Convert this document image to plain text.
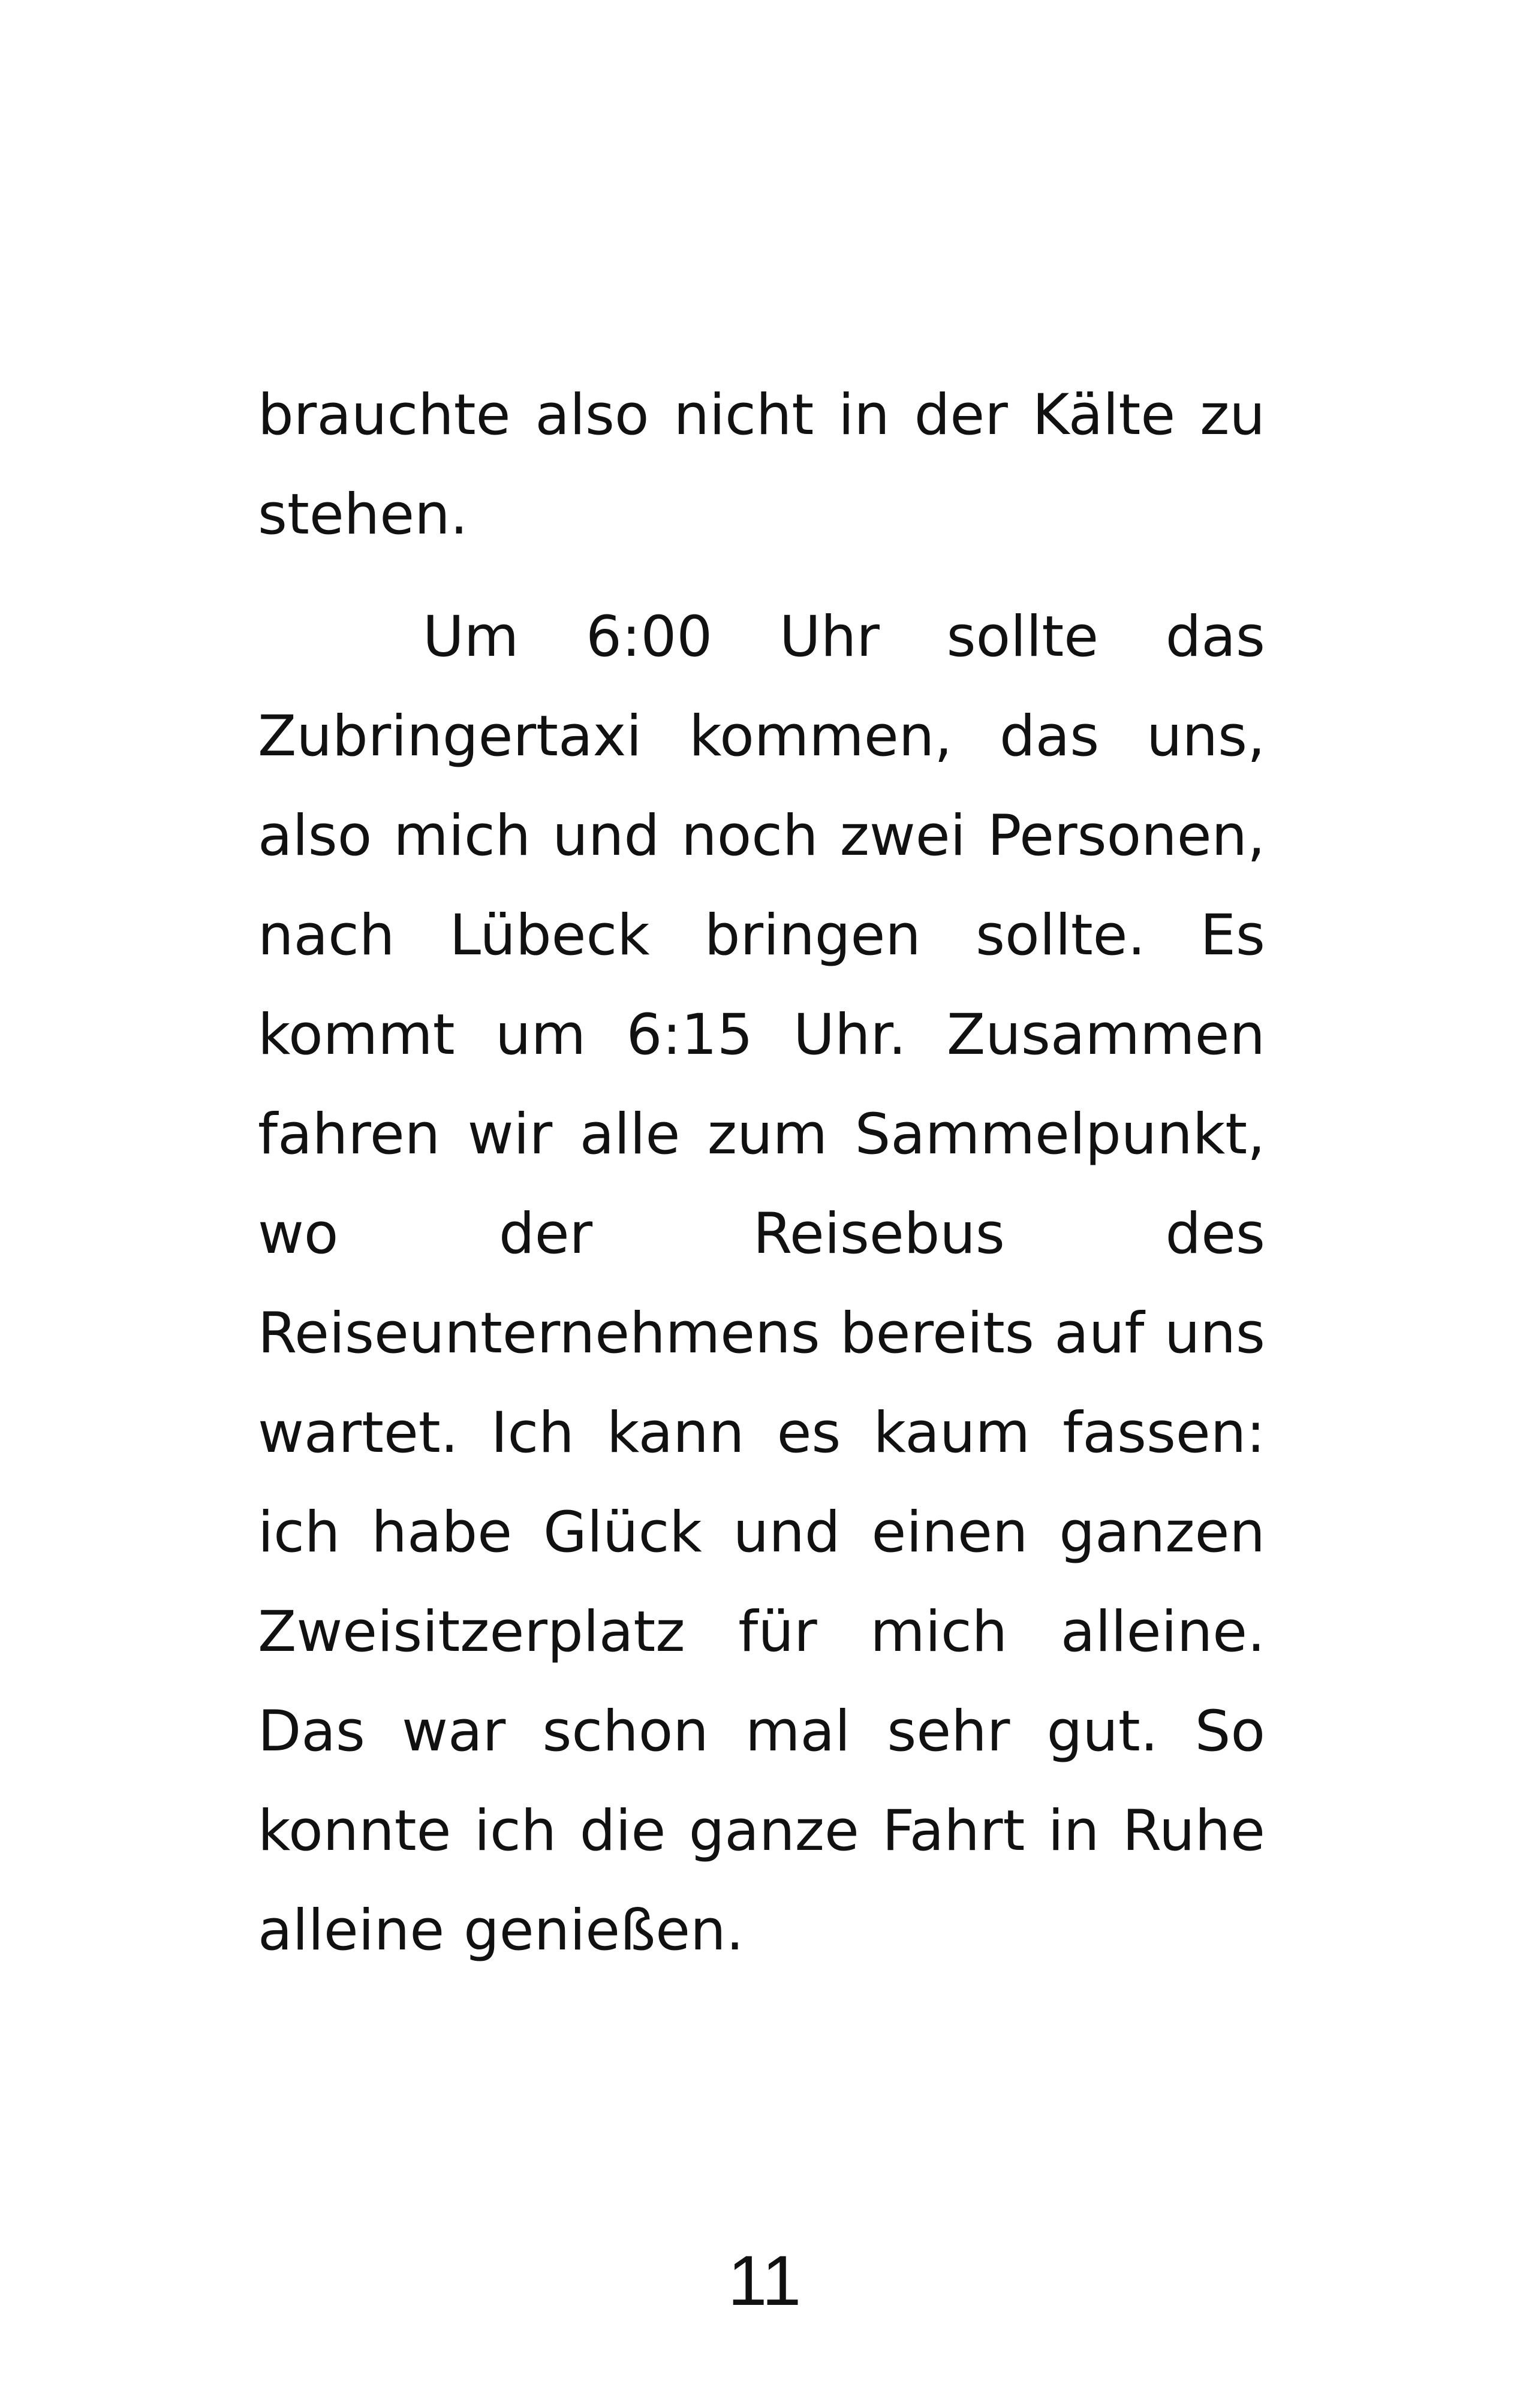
brauchte also nicht in der Kälte zu stehen.

Um 6:00 Uhr sollte das Zubringertaxi kommen, das uns, also mich und noch zwei Personen, nach Lübeck bringen sollte. Es kommt um 6:15 Uhr. Zusammen fahren wir alle zum Sammelpunkt, wo der Reisebus des Reiseunternehmens bereits auf uns wartet. Ich kann es kaum fassen: ich habe Glück und einen ganzen Zweisitzerplatz für mich alleine. Das war schon mal sehr gut. So konnte ich die ganze Fahrt in Ruhe alleine genießen.

11
